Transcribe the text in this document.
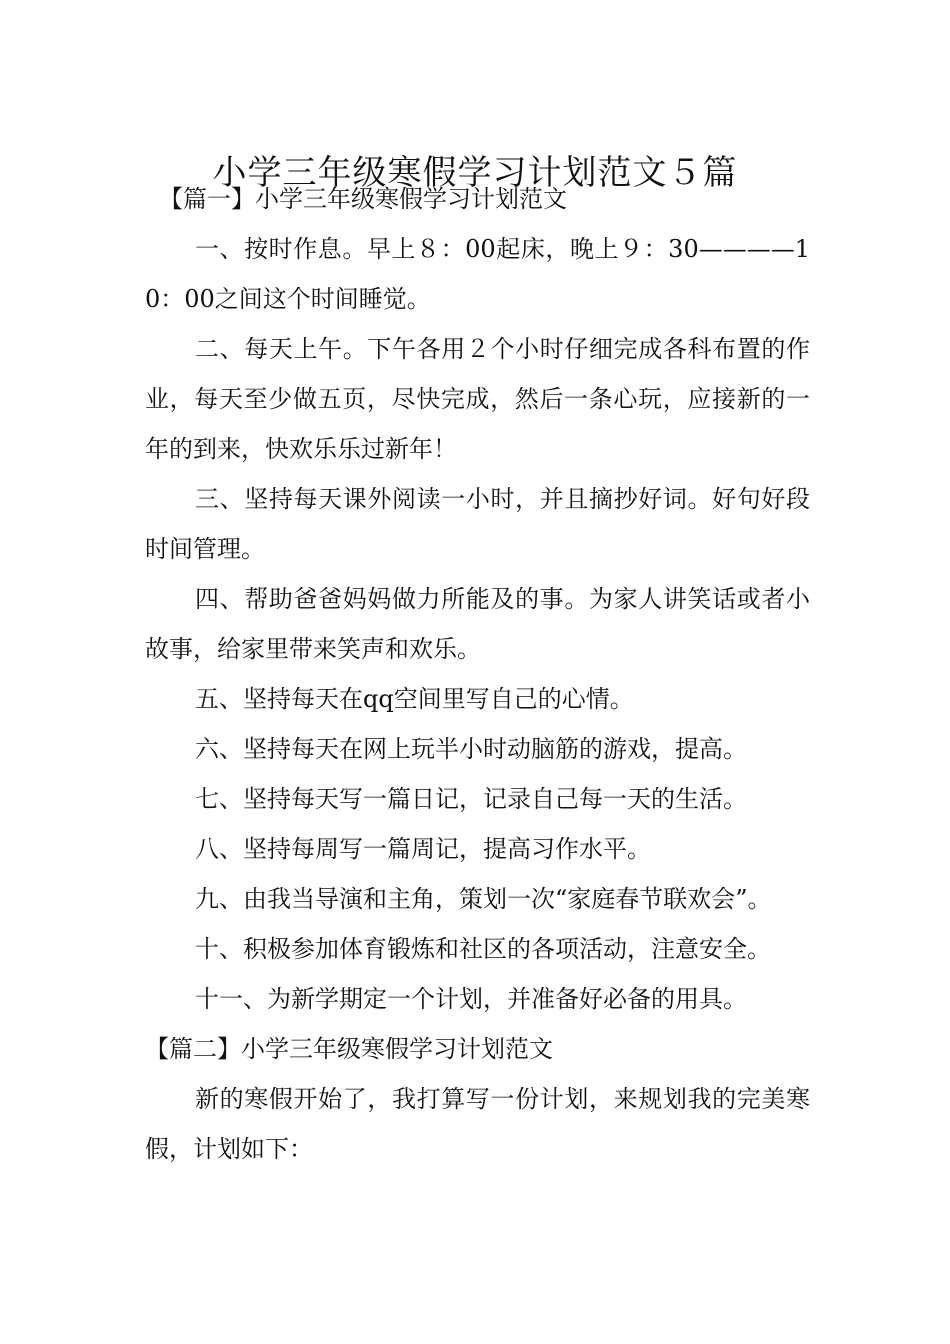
小学三年级寒假学习计划范文５篇

【篇一】小学三年级寒假学习计划范文

一、按时作息。早上８：00起床，晚上９：30————10：00之间这个时间睡觉。

二、每天上午。下午各用２个小时仔细完成各科布置的作业，每天至少做五页，尽快完成，然后一条心玩，应接新的一年的到来，快欢乐乐过新年！

三、坚持每天课外阅读一小时，并且摘抄好词。好句好段时间管理。

四、帮助爸爸妈妈做力所能及的事。为家人讲笑话或者小故事，给家里带来笑声和欢乐。

五、坚持每天在qq空间里写自己的心情。

六、坚持每天在网上玩半小时动脑筋的游戏，提高。

七、坚持每天写一篇日记，记录自己每一天的生活。

八、坚持每周写一篇周记，提高习作水平。

九、由我当导演和主角，策划一次“家庭春节联欢会”。

十、积极参加体育锻炼和社区的各项活动，注意安全。

十一、为新学期定一个计划，并准备好必备的用具。

【篇二】小学三年级寒假学习计划范文

新的寒假开始了，我打算写一份计划，来规划我的完美寒假，计划如下：
